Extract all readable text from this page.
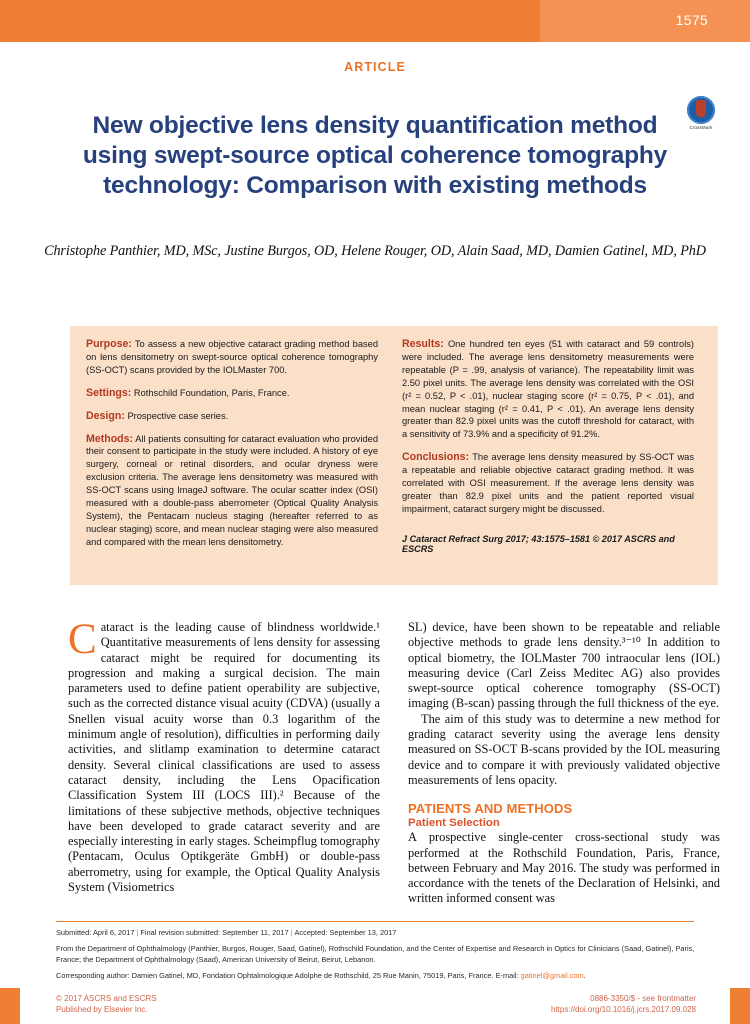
1575
ARTICLE
New objective lens density quantification method using swept-source optical coherence tomography technology: Comparison with existing methods
CrossMark
Christophe Panthier, MD, MSc, Justine Burgos, OD, Helene Rouger, OD, Alain Saad, MD, Damien Gatinel, MD, PhD

Purpose: To assess a new objective cataract grading method based on lens densitometry on swept-source optical coherence tomography (SS-OCT) scans provided by the IOLMaster 700.

Settings: Rothschild Foundation, Paris, France.

Design: Prospective case series.

Methods: All patients consulting for cataract evaluation who provided their consent to participate in the study were included. A history of eye surgery, corneal or retinal disorders, and ocular dryness were exclusion criteria. The average lens densitometry was measured with SS-OCT scans using ImageJ software. The ocular scatter index (OSI) measured with a double-pass aberrometer (Optical Quality Analysis System), the Pentacam nucleus staging (hereafter referred to as nuclear staging) score, and mean nuclear staging were also measured and compared with the mean lens densitometry.

Results: One hundred ten eyes (51 with cataract and 59 controls) were included. The average lens densitometry measurements were repeatable (P = .99, analysis of variance). The repeatability limit was 2.50 pixel units. The average lens density was correlated with the OSI (r² = 0.52, P < .01), nuclear staging score (r² = 0.75, P < .01), and mean nuclear staging (r² = 0.41, P < .01). An average lens density greater than 82.9 pixel units was the cutoff threshold for cataract, with a sensitivity of 73.9% and a specificity of 91.2%.

Conclusions: The average lens density measured by SS-OCT was a repeatable and reliable objective cataract grading method. It was correlated with OSI measurement. If the average lens density was greater than 82.9 pixel units and the patient reported visual impairment, cataract surgery might be discussed.

J Cataract Refract Surg 2017; 43:1575–1581 © 2017 ASCRS and ESCRS

Cataract is the leading cause of blindness worldwide.¹ Quantitative measurements of lens density for assessing cataract might be required for documenting its progression and making a surgical decision. The main parameters used to define patient operability are subjective, such as the corrected distance visual acuity (CDVA) (usually a Snellen visual acuity worse than 0.3 logarithm of the minimum angle of resolution), difficulties in performing daily activities, and slitlamp examination to determine cataract density. Several clinical classifications are used to assess cataract density, including the Lens Opacification Classification System III (LOCS III).² Because of the limitations of these subjective methods, objective techniques have been developed to grade cataract severity and are especially interesting in early stages. Scheimpflug tomography (Pentacam, Oculus Optikgeräte GmbH) or double-pass aberrometry, using for example, the Optical Quality Analysis System (Visiometrics

SL) device, have been shown to be repeatable and reliable objective methods to grade lens density.³⁻¹⁰ In addition to optical biometry, the IOLMaster 700 intraocular lens (IOL) measuring device (Carl Zeiss Meditec AG) also provides swept-source optical coherence tomography (SS-OCT) imaging (B-scan) passing through the full thickness of the eye.

The aim of this study was to determine a new method for grading cataract severity using the average lens density measured on SS-OCT B-scans provided by the IOL measuring device and to compare it with previously validated objective measurements of lens opacity.

PATIENTS AND METHODS
Patient Selection

A prospective single-center cross-sectional study was performed at the Rothschild Foundation, Paris, France, between February and May 2016. The study was performed in accordance with the tenets of the Declaration of Helsinki, and written informed consent was

Submitted: April 6, 2017 | Final revision submitted: September 11, 2017 | Accepted: September 13, 2017

From the Department of Ophthalmology (Panthier, Burgos, Rouger, Saad, Gatinel), Rothschild Foundation, and the Center of Expertise and Research in Optics for Clinicians (Saad, Gatinel), Paris, France; the Department of Ophthalmology (Saad), American University of Beirut, Beirut, Lebanon.

Corresponding author: Damien Gatinel, MD, Fondation Ophtalmologique Adolphe de Rothschild, 25 Rue Manin, 75019, Paris, France. E-mail: gatinel@gmail.com.

© 2017 ASCRS and ESCRS
Published by Elsevier Inc.
0886-3350/$ - see frontmatter
https://doi.org/10.1016/j.jcrs.2017.09.028
